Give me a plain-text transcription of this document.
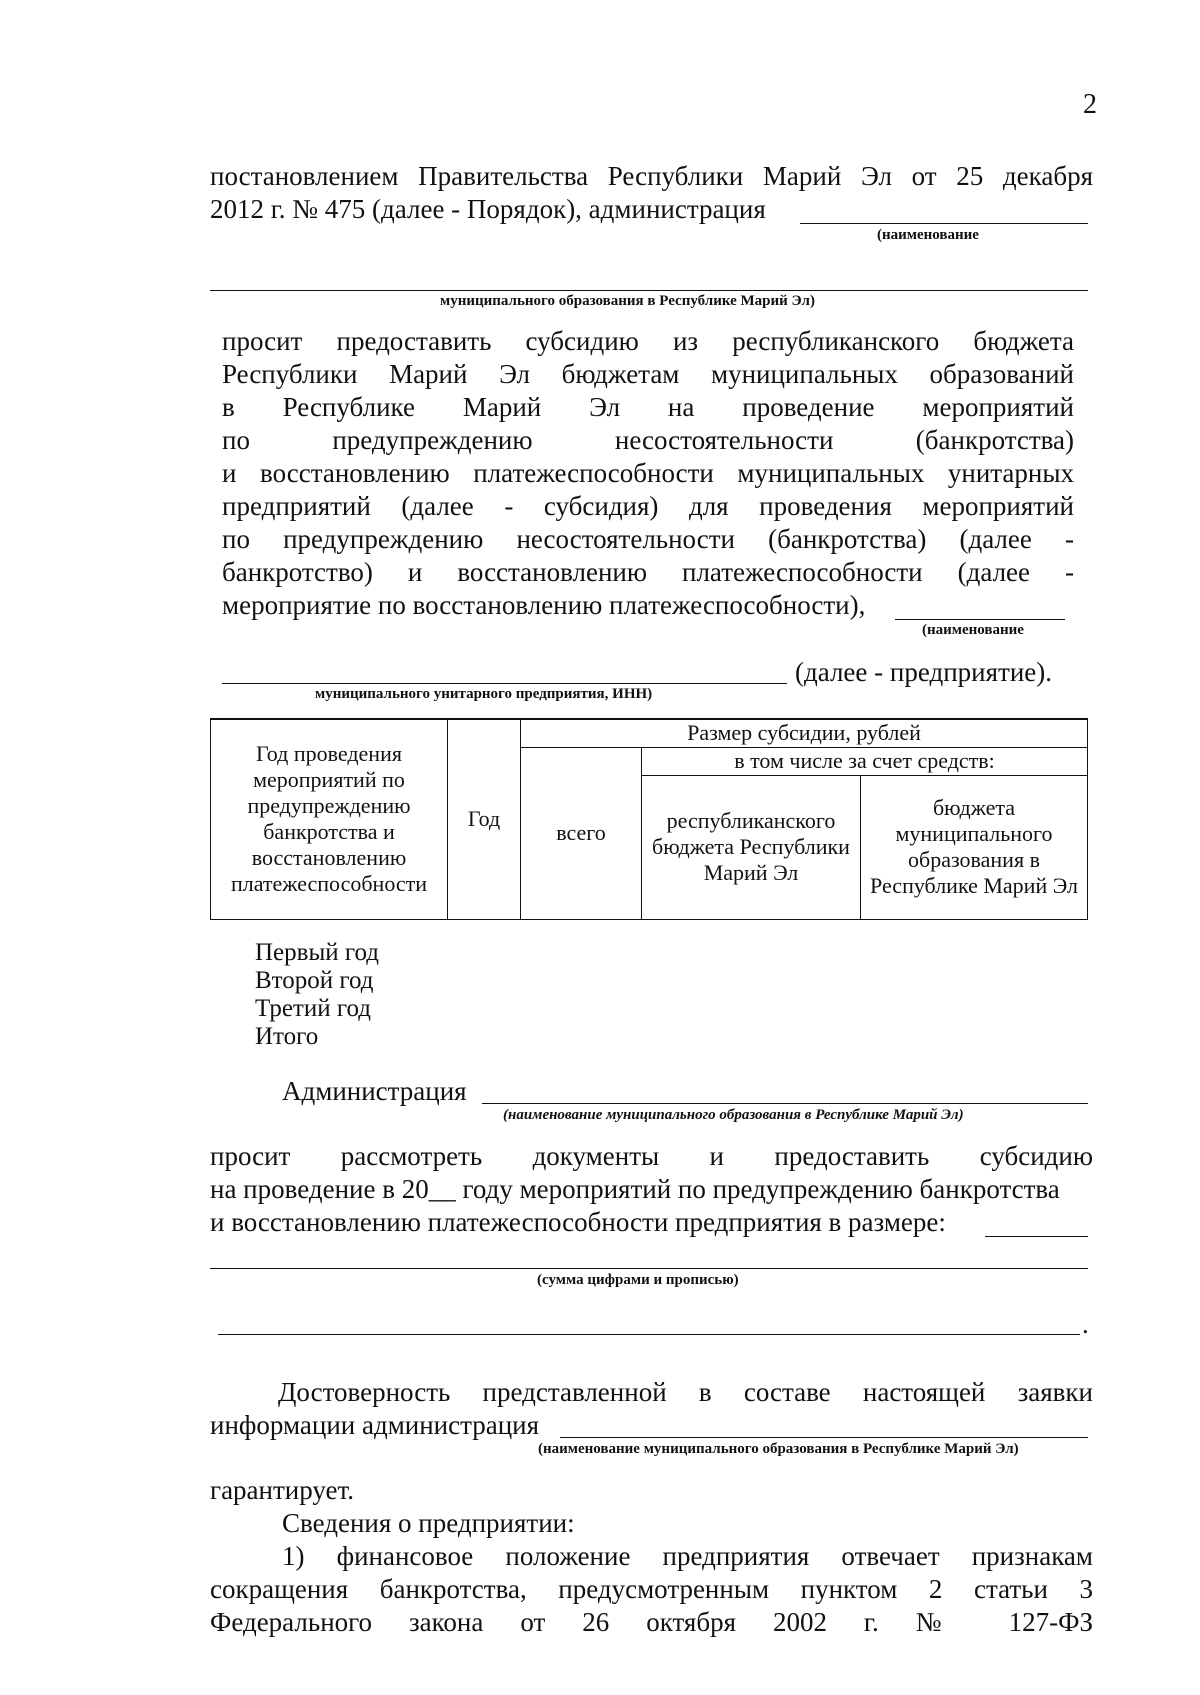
2
постановлением Правительства Республики Марий Эл от 25 декабря
2012 г. № 475 (далее - Порядок), администрация
(наименование
муниципального образования в Республике Марий Эл)
просит предоставить субсидию из республиканского бюджета
Республики Марий Эл бюджетам муниципальных образований
в Республике Марий Эл на проведение мероприятий
по предупреждению несостоятельности (банкротства)
и восстановлению платежеспособности муниципальных унитарных
предприятий (далее - субсидия) для проведения мероприятий
по предупреждению несостоятельности (банкротства) (далее -
банкротство) и восстановлению платежеспособности (далее -
мероприятие по восстановлению платежеспособности),
(наименование
(далее - предприятие).
муниципального унитарного предприятия, ИНН)
Год проведения мероприятий по предупреждению банкротства и восстановлению платежеспособности	Год	Размер субсидии, рублей		
		всего	в том числе за счет средств:	
			республиканского бюджета Республики Марий Эл	бюджета муниципального образования в Республике Марий Эл
Первый год
Второй год
Третий год
Итого
Администрация
(наименование муниципального образования в Республике Марий Эл)
просит рассмотреть документы и предоставить субсидию
на проведение в 20__ году мероприятий по предупреждению банкротства
и восстановлению платежеспособности предприятия в размере:
(сумма цифрами и прописью)
.
Достоверность представленной в составе настоящей заявки
информации администрация
(наименование муниципального образования в Республике Марий Эл)
гарантирует.
Сведения о предприятии:
1) финансовое положение предприятия отвечает признакам
сокращения банкротства, предусмотренным пунктом 2 статьи 3
Федерального закона от 26 октября 2002 г. № 127-ФЗ
